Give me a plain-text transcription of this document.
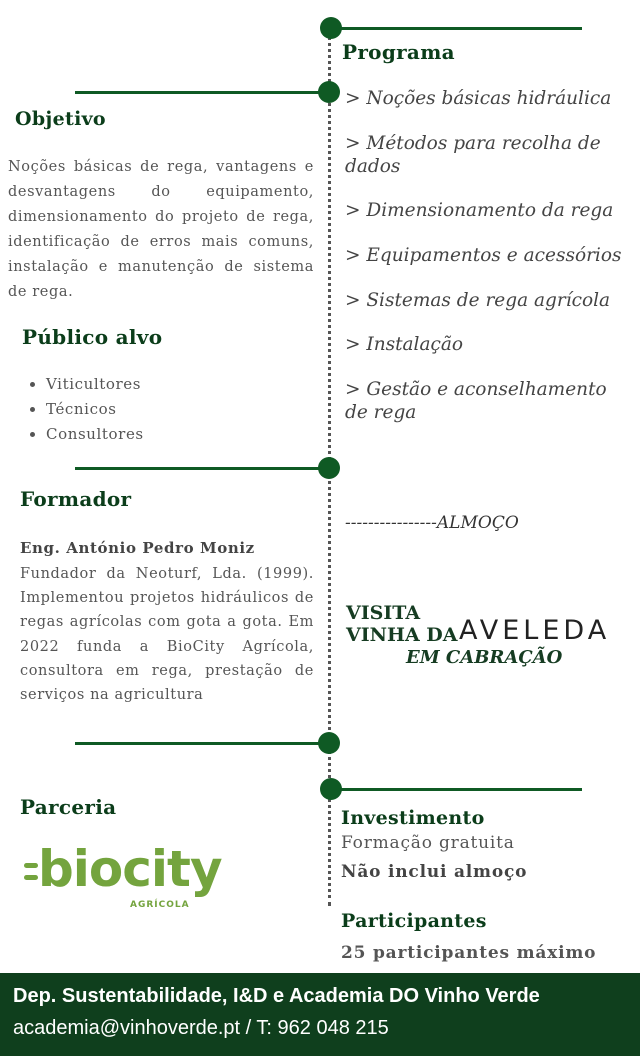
Programa
> Noções básicas hidráulica
> Métodos para recolha de dados
> Dimensionamento da rega
> Equipamentos e acessórios
> Sistemas de rega agrícola
> Instalação
> Gestão e aconselhamento de rega
----------------ALMOÇO
Objetivo
Noções básicas de rega, vantagens e desvantagens do equipamento, dimensionamento do projeto de rega, identificação de erros mais comuns, instalação e manutenção de sistema de rega.
Público alvo
• Viticultores
• Técnicos
• Consultores
Formador
Eng. António Pedro Moniz
Fundador da Neoturf, Lda. (1999). Implementou projetos hidráulicos de regas agrícolas com gota a gota. Em 2022 funda a BioCity Agrícola, consultora em rega, prestação de serviços na agricultura
VISITA
VINHA DA AVELEDA
EM CABRAÇÃO
Parceria
biocity
AGRÍCOLA
Investimento
Formação gratuita
Não inclui almoço
Participantes
25 participantes máximo
Dep. Sustentabilidade, I&D e Academia DO Vinho Verde
academia@vinhoverde.pt / T: 962 048 215
